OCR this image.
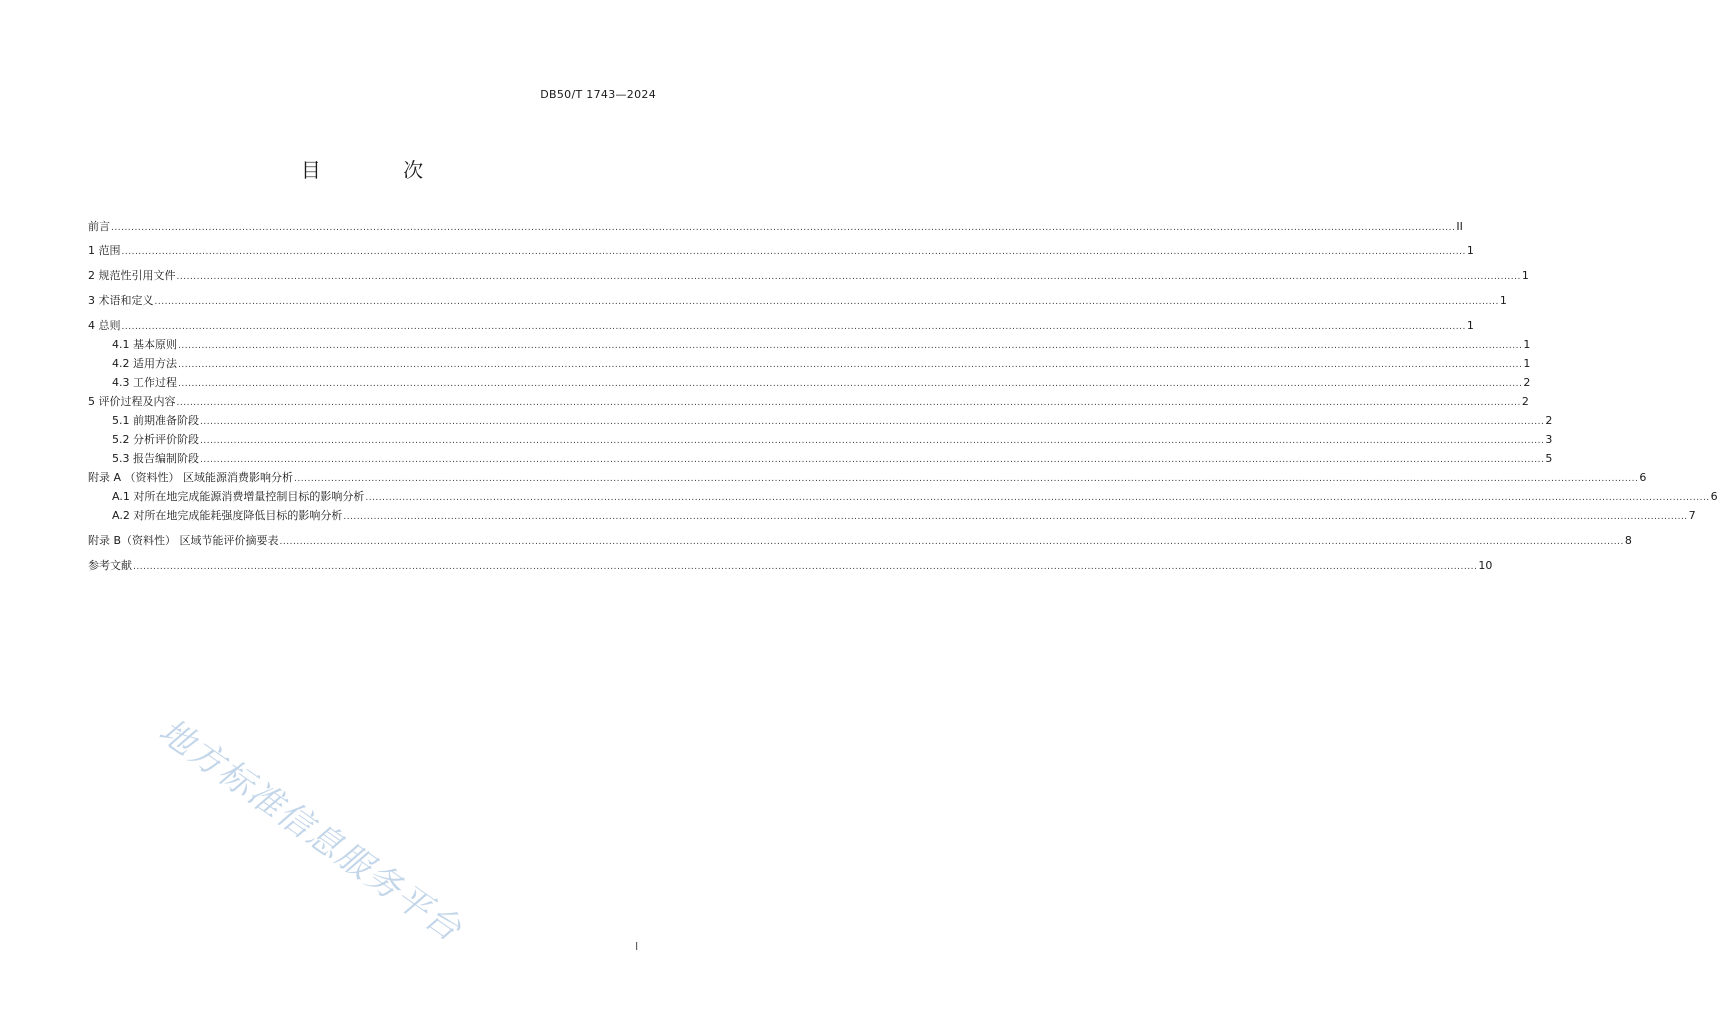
DB50/T 1743—2024
目 次
前言 ................................................................................................................................................................................................................................................................................................................................................................................................................ II
1 范围 ................................................................................................................................................................................................................................................................................................................................................................................................................ 1
2 规范性引用文件 ................................................................................................................................................................................................................................................................................................................................................................................................................ 1
3 术语和定义 ................................................................................................................................................................................................................................................................................................................................................................................................................ 1
4 总则 ................................................................................................................................................................................................................................................................................................................................................................................................................ 1
4.1 基本原则 ................................................................................................................................................................................................................................................................................................................................................................................................................ 1
4.2 适用方法 ................................................................................................................................................................................................................................................................................................................................................................................................................ 1
4.3 工作过程 ................................................................................................................................................................................................................................................................................................................................................................................................................ 2
5 评价过程及内容 ................................................................................................................................................................................................................................................................................................................................................................................................................ 2
5.1 前期准备阶段 ................................................................................................................................................................................................................................................................................................................................................................................................................ 2
5.2 分析评价阶段 ................................................................................................................................................................................................................................................................................................................................................................................................................ 3
5.3 报告编制阶段 ................................................................................................................................................................................................................................................................................................................................................................................................................ 5
附录 A （资料性） 区域能源消费影响分析 ................................................................................................................................................................................................................................................................................................................................................................................................................ 6
A.1 对所在地完成能源消费增量控制目标的影响分析 ................................................................................................................................................................................................................................................................................................................................................................................................................ 6
A.2 对所在地完成能耗强度降低目标的影响分析 ................................................................................................................................................................................................................................................................................................................................................................................................................ 7
附录 B（资料性） 区域节能评价摘要表 ................................................................................................................................................................................................................................................................................................................................................................................................................ 8
参考文献 ................................................................................................................................................................................................................................................................................................................................................................................................................ 10
地方标准信息服务平台	I
